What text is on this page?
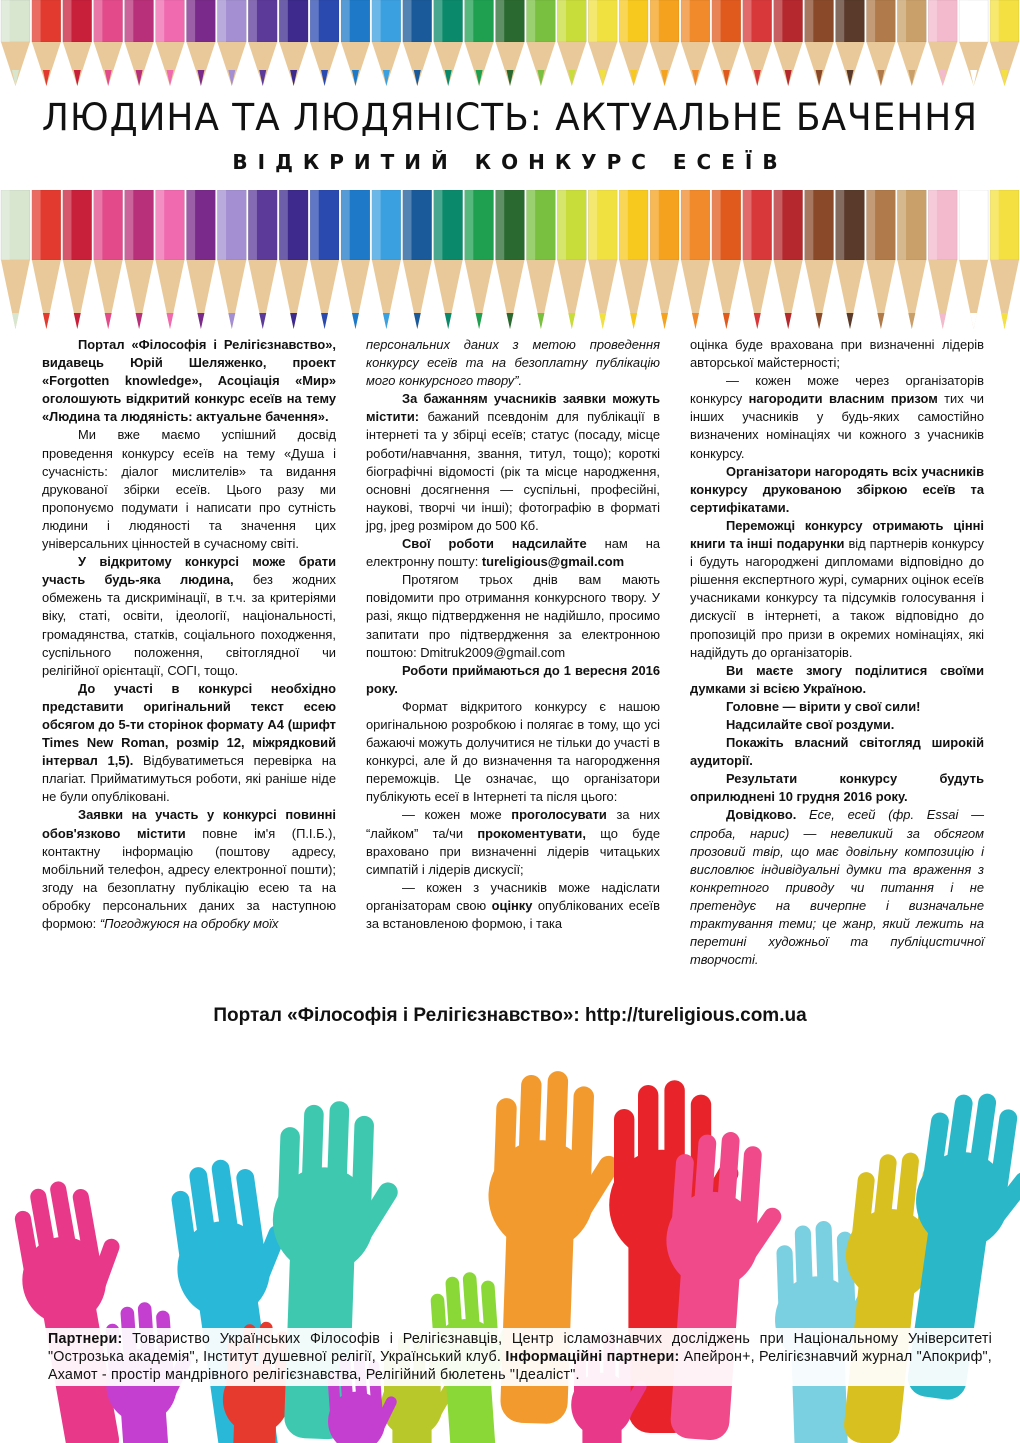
ЛЮДИНА ТА ЛЮДЯНІСТЬ: АКТУАЛЬНЕ БАЧЕННЯ
ВІДКРИТИЙ КОНКУРС ЕСЕЇВ

Портал «Філософія і Релігієзнавство», видавець Юрій Шеляженко, проект «Forgotten knowledge», Асоціація «Мир» оголошують відкритий конкурс есеїв на тему «Людина та людяність: актуальне бачення».

Ми вже маємо успішний досвід проведення конкурсу есеїв на тему «Душа і сучасність: діалог мислителів» та видання друкованої збірки есеїв. Цього разу ми пропонуємо подумати і написати про сутність людини і людяності та значення цих універсальних цінностей в сучасному світі.

У відкритому конкурсі може брати участь будь-яка людина, без жодних обмежень та дискримінації, в т.ч. за критеріями віку, статі, освіти, ідеології, національності, громадянства, статків, соціального походження, суспільного положення, світоглядної чи релігійної орієнтації, СОГІ, тощо.

До участі в конкурсі необхідно представити оригінальний текст есею обсягом до 5-ти сторінок формату А4 (шрифт Times New Roman, розмір 12, міжрядковий інтервал 1,5). Відбуватиметься перевірка на плагіат. Прийматимуться роботи, які раніше ніде не були опубліковані.

Заявки на участь у конкурсі повинні обов'язково містити повне ім'я (П.І.Б.), контактну інформацію (поштову адресу, мобільний телефон, адресу електронної пошти); згоду на безоплатну публікацію есею та на обробку персональних даних за наступною формою: “Погоджуюся на обробку моїх

персональних даних з метою проведення конкурсу есеїв та на безоплатну публікацію мого конкурсного твору”.

За бажанням учасників заявки можуть містити: бажаний псевдонім для публікації в інтернеті та у збірці есеїв; статус (посаду, місце роботи/навчання, звання, титул, тощо); короткі біографічні відомості (рік та місце народження, основні досягнення — суспільні, професійні, наукові, творчі чи інші); фотографію в форматі jpg, jpeg розміром до 500 Кб.

Свої роботи надсилайте нам на електронну пошту: tureligious@gmail.com

Протягом трьох днів вам мають повідомити про отримання конкурсного твору. У разі, якщо підтвердження не надійшло, просимо запитати про підтвердження за електронною поштою: Dmitruk2009@gmail.com

Роботи приймаються до 1 вересня 2016 року.

Формат відкритого конкурсу є нашою оригінальною розробкою і полягає в тому, що усі бажаючі можуть долучитися не тільки до участі в конкурсі, але й до визначення та нагородження переможців. Це означає, що організатори публікують есеї в Інтернеті та після цього:

— кожен може проголосувати за них “лайком” та/чи прокоментувати, що буде враховано при визначенні лідерів читацьких симпатій і лідерів дискусії;

— кожен з учасників може надіслати організаторам свою оцінку опублікованих есеїв за встановленою формою, і така

оцінка буде врахована при визначенні лідерів авторської майстерності;

— кожен може через організаторів конкурсу нагородити власним призом тих чи інших учасників у будь-яких самостійно визначених номінаціях чи кожного з учасників конкурсу.

Організатори нагородять всіх учасників конкурсу друкованою збіркою есеїв та сертифікатами.

Переможці конкурсу отримають цінні книги та інші подарунки від партнерів конкурсу і будуть нагороджені дипломами відповідно до рішення експертного журі, сумарних оцінок есеїв учасниками конкурсу та підсумків голосування і дискусії в інтернеті, а також відповідно до пропозицій про призи в окремих номінаціях, які надійдуть до організаторів.

Ви маєте змогу поділитися своїми думками зі всією Україною.

Головне — вірити у свої сили!

Надсилайте свої роздуми.

Покажіть власний світогляд широкій аудиторії.

Результати конкурсу будуть оприлюднені 10 грудня 2016 року.

Довідково. Есе, есей (фр. Essai — спроба, нарис) — невеликий за обсягом прозовий твір, що має довільну композицію і висловлює індивідуальні думки та враження з конкретного приводу чи питання і не претендує на вичерпне і визначальне трактування теми; це жанр, який лежить на перетині художньої та публіцистичної творчості.

Портал «Філософія і Релігієзнавство»: http://tureligious.com.ua
Партнери: Товариство Українських Філософів і Релігієзнавців, Центр ісламознавчих досліджень при Національному Університеті "Острозька академія", Інститут душевної релігії, Український клуб. Інформаційні партнери: Апейрон+, Релігієзнавчий журнал "Апокриф", Ахамот - простір мандрівного релігієзнавства, Релігійний бюлетень "Ідеаліст".
